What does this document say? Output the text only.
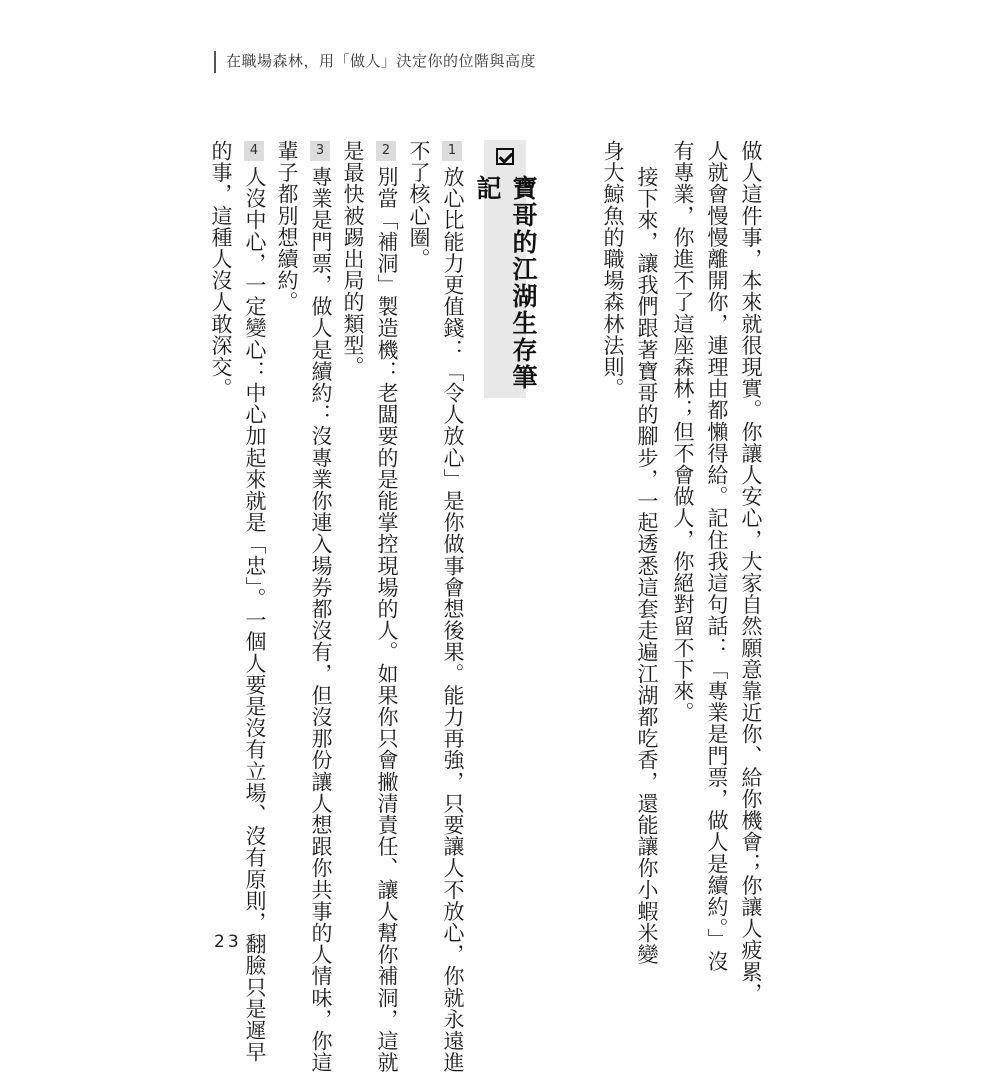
在職場森林，用「做人」決定你的位階與高度
做人這件事，本來就很現實。你讓人安心，大家自然願意靠近你、給你機會；你讓人疲累，
人就會慢慢離開你，連理由都懶得給。記住我這句話：「專業是門票，做人是續約。」沒
有專業，你進不了這座森林；但不會做人，你絕對留不下來。
接下來，讓我們跟著寶哥的腳步，一起透悉這套走遍江湖都吃香，還能讓你小蝦米變
身大鯨魚的職場森林法則。
寶哥的江湖生存筆記
1
放心比能力更值錢：「令人放心」是你做事會想後果。能力再強，只要讓人不放心，你就永遠進
不了核心圈。
2
別當「補洞」製造機：老闆要的是能掌控現場的人。如果你只會撇清責任、讓人幫你補洞，這就
是最快被踢出局的類型。
3
專業是門票，做人是續約：沒專業你連入場券都沒有，但沒那份讓人想跟你共事的人情味，你這
輩子都別想續約。
4
人沒中心，一定變心：中心加起來就是「忠」。一個人要是沒有立場、沒有原則，翻臉只是遲早
的事，這種人沒人敢深交。
23
